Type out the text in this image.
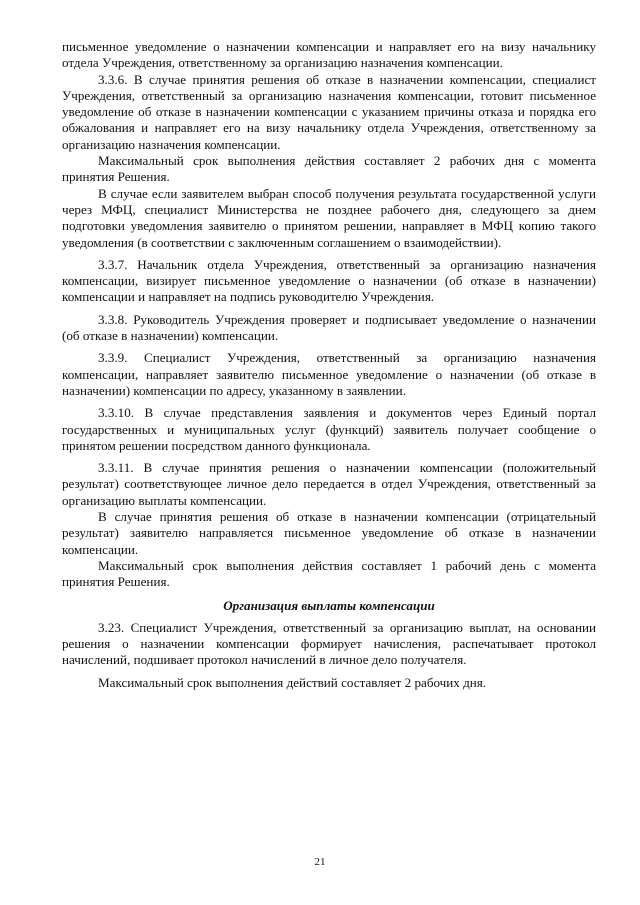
письменное уведомление о назначении компенсации и направляет его на визу начальнику отдела Учреждения, ответственному за организацию назначения компенсации.

3.3.6. В случае принятия решения об отказе в назначении компенсации, специалист Учреждения, ответственный за организацию назначения компенсации, готовит письменное уведомление об отказе в назначении компенсации с указанием причины отказа и порядка его обжалования и направляет его на визу начальнику отдела Учреждения, ответственному за организацию назначения компенсации.

Максимальный срок выполнения действия составляет 2 рабочих дня с момента принятия Решения.

В случае если заявителем выбран способ получения результата государственной услуги через МФЦ, специалист Министерства не позднее рабочего дня, следующего за днем подготовки уведомления заявителю о принятом решении, направляет в МФЦ копию такого уведомления (в соответствии с заключенным соглашением о взаимодействии).

3.3.7. Начальник отдела Учреждения, ответственный за организацию назначения компенсации, визирует письменное уведомление о назначении (об отказе в назначении) компенсации и направляет на подпись руководителю Учреждения.

3.3.8. Руководитель Учреждения проверяет и подписывает уведомление о назначении (об отказе в назначении) компенсации.

3.3.9. Специалист Учреждения, ответственный за организацию назначения компенсации, направляет заявителю письменное уведомление о назначении (об отказе в назначении) компенсации по адресу, указанному в заявлении.

3.3.10. В случае представления заявления и документов через Единый портал государственных и муниципальных услуг (функций) заявитель получает сообщение о принятом решении посредством данного функционала.

3.3.11. В случае принятия решения о назначении компенсации (положительный результат) соответствующее личное дело передается в отдел Учреждения, ответственный за организацию выплаты компенсации.

В случае принятия решения об отказе в назначении компенсации (отрицательный результат) заявителю направляется письменное уведомление об отказе в назначении компенсации.

Максимальный срок выполнения действия составляет 1 рабочий день с момента принятия Решения.

Организация выплаты компенсации

3.23. Специалист Учреждения, ответственный за организацию выплат, на основании решения о назначении компенсации формирует начисления, распечатывает протокол начислений, подшивает протокол начислений в личное дело получателя.

Максимальный срок выполнения действий составляет 2 рабочих дня.

21
